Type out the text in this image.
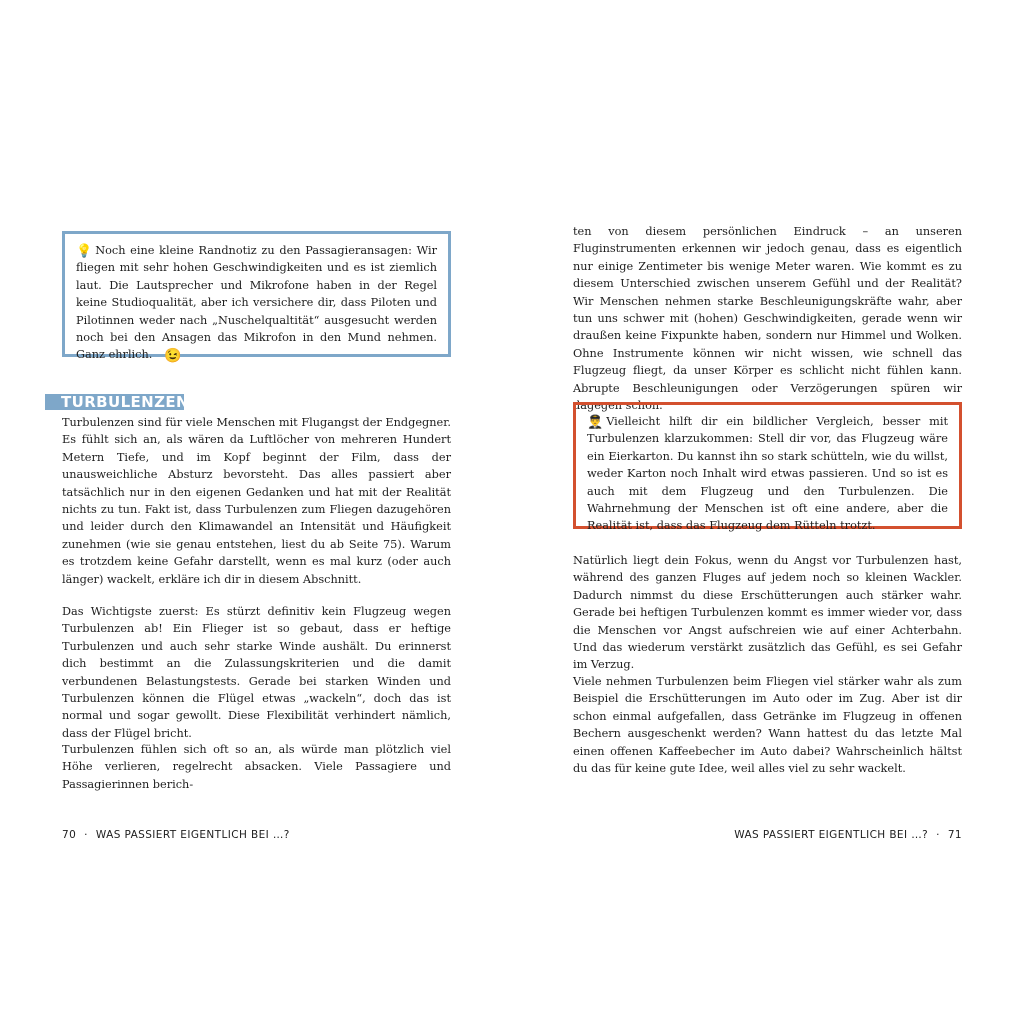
💡 Noch eine kleine Randnotiz zu den Passagieransagen: Wir fliegen mit sehr hohen Geschwindigkeiten und es ist ziemlich laut. Die Lautsprecher und Mikrofone haben in der Regel keine Studioqualität, aber ich versichere dir, dass Piloten und Pilotinnen weder nach „Nuschelqualtität“ ausgesucht werden noch bei den Ansagen das Mikrofon in den Mund nehmen. Ganz ehrlich. 😉

TURBULENZEN

Turbulenzen sind für viele Menschen mit Flugangst der Endgegner. Es fühlt sich an, als wären da Luftlöcher von mehreren Hundert Metern Tiefe, und im Kopf beginnt der Film, dass der unausweichliche Absturz bevorsteht. Das alles passiert aber tatsächlich nur in den eigenen Gedanken und hat mit der Realität nichts zu tun. Fakt ist, dass Turbulenzen zum Fliegen dazugehören und leider durch den Klimawandel an Intensität und Häufigkeit zunehmen (wie sie genau entstehen, liest du ab Seite 75). Warum es trotzdem keine Gefahr darstellt, wenn es mal kurz (oder auch länger) wackelt, erkläre ich dir in diesem Abschnitt.

Das Wichtigste zuerst: Es stürzt definitiv kein Flugzeug wegen Turbulenzen ab! Ein Flieger ist so gebaut, dass er heftige Turbulenzen und auch sehr starke Winde aushält. Du erinnerst dich bestimmt an die Zulassungskriterien und die damit verbundenen Belastungstests. Gerade bei starken Winden und Turbulenzen können die Flügel etwas „wackeln“, doch das ist normal und sogar gewollt. Diese Flexibilität verhindert nämlich, dass der Flügel bricht.

Turbulenzen fühlen sich oft so an, als würde man plötzlich viel Höhe verlieren, regelrecht absacken. Viele Passagiere und Passagierinnen berich-

70 · WAS PASSIERT EIGENTLICH BEI …?

ten von diesem persönlichen Eindruck – an unseren Fluginstrumenten erkennen wir jedoch genau, dass es eigentlich nur einige Zentimeter bis wenige Meter waren. Wie kommt es zu diesem Unterschied zwischen unserem Gefühl und der Realität? Wir Menschen nehmen starke Beschleunigungskräfte wahr, aber tun uns schwer mit (hohen) Geschwindigkeiten, gerade wenn wir draußen keine Fixpunkte haben, sondern nur Himmel und Wolken. Ohne Instrumente können wir nicht wissen, wie schnell das Flugzeug fliegt, da unser Körper es schlicht nicht fühlen kann. Abrupte Beschleunigungen oder Verzögerungen spüren wir dagegen schon.

👨‍✈️ Vielleicht hilft dir ein bildlicher Vergleich, besser mit Turbulenzen klarzukommen: Stell dir vor, das Flugzeug wäre ein Eierkarton. Du kannst ihn so stark schütteln, wie du willst, weder Karton noch Inhalt wird etwas passieren. Und so ist es auch mit dem Flugzeug und den Turbulenzen. Die Wahrnehmung der Menschen ist oft eine andere, aber die Realität ist, dass das Flugzeug dem Rütteln trotzt.

Natürlich liegt dein Fokus, wenn du Angst vor Turbulenzen hast, während des ganzen Fluges auf jedem noch so kleinen Wackler. Dadurch nimmst du diese Erschütterungen auch stärker wahr. Gerade bei heftigen Turbulenzen kommt es immer wieder vor, dass die Menschen vor Angst aufschreien wie auf einer Achterbahn. Und das wiederum verstärkt zusätzlich das Gefühl, es sei Gefahr im Verzug.

Viele nehmen Turbulenzen beim Fliegen viel stärker wahr als zum Beispiel die Erschütterungen im Auto oder im Zug. Aber ist dir schon einmal aufgefallen, dass Getränke im Flugzeug in offenen Bechern ausgeschenkt werden? Wann hattest du das letzte Mal einen offenen Kaffeebecher im Auto dabei? Wahrscheinlich hältst du das für keine gute Idee, weil alles viel zu sehr wackelt.

WAS PASSIERT EIGENTLICH BEI …? · 71
